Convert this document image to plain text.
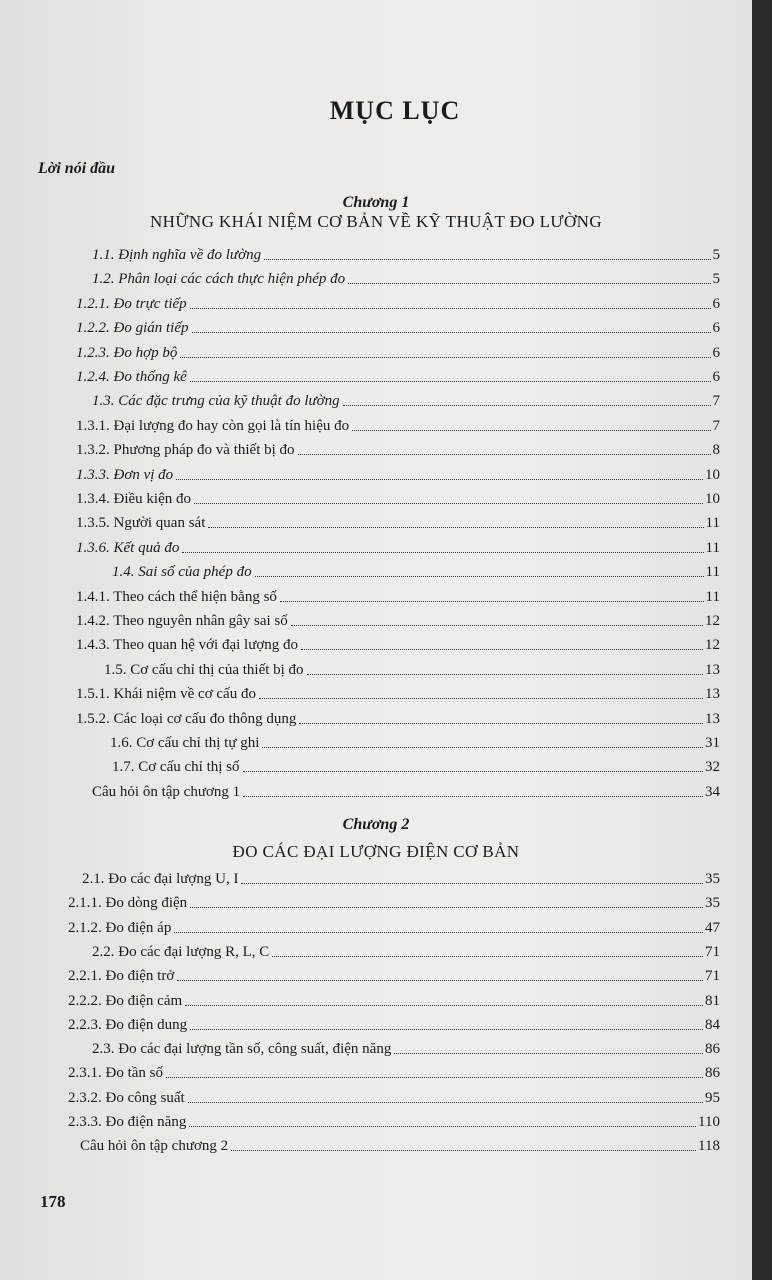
MỤC LỤC
Lời nói đầu
Chương 1
NHỮNG KHÁI NIỆM CƠ BẢN VỀ KỸ THUẬT ĐO LƯỜNG
1.1. Định nghĩa về đo lường	5
1.2. Phân loại các cách thực hiện phép đo	5
1.2.1. Đo trực tiếp	6
1.2.2. Đo gián tiếp	6
1.2.3. Đo hợp bộ	6
1.2.4. Đo thống kê	6
1.3. Các đặc trưng của kỹ thuật đo lường	7
1.3.1. Đại lượng đo hay còn gọi là tín hiệu đo	7
1.3.2. Phương pháp đo và thiết bị đo	8
1.3.3. Đơn vị đo	10
1.3.4. Điều kiện đo	10
1.3.5. Người quan sát	11
1.3.6. Kết quả đo	11
1.4. Sai số của phép đo	11
1.4.1. Theo cách thể hiện bằng số	11
1.4.2. Theo nguyên nhân gây sai số	12
1.4.3. Theo quan hệ với đại lượng đo	12
1.5. Cơ cấu chỉ thị của thiết bị đo	13
1.5.1. Khái niệm về cơ cấu đo	13
1.5.2. Các loại cơ cấu đo thông dụng	13
1.6. Cơ cấu chỉ thị tự ghi	31
1.7. Cơ cấu chỉ thị số	32
Câu hỏi ôn tập chương 1	34
Chương 2
ĐO CÁC ĐẠI LƯỢNG ĐIỆN CƠ BẢN
2.1. Đo các đại lượng U, I	35
2.1.1. Đo dòng điện	35
2.1.2. Đo điện áp	47
2.2. Đo các đại lượng R, L, C	71
2.2.1. Đo điện trở	71
2.2.2. Đo điện cảm	81
2.2.3. Đo điện dung	84
2.3. Đo các đại lượng tần số, công suất, điện năng	86
2.3.1. Đo tần số	86
2.3.2. Đo công suất	95
2.3.3. Đo điện năng	110
Câu hỏi ôn tập chương 2	118
178
